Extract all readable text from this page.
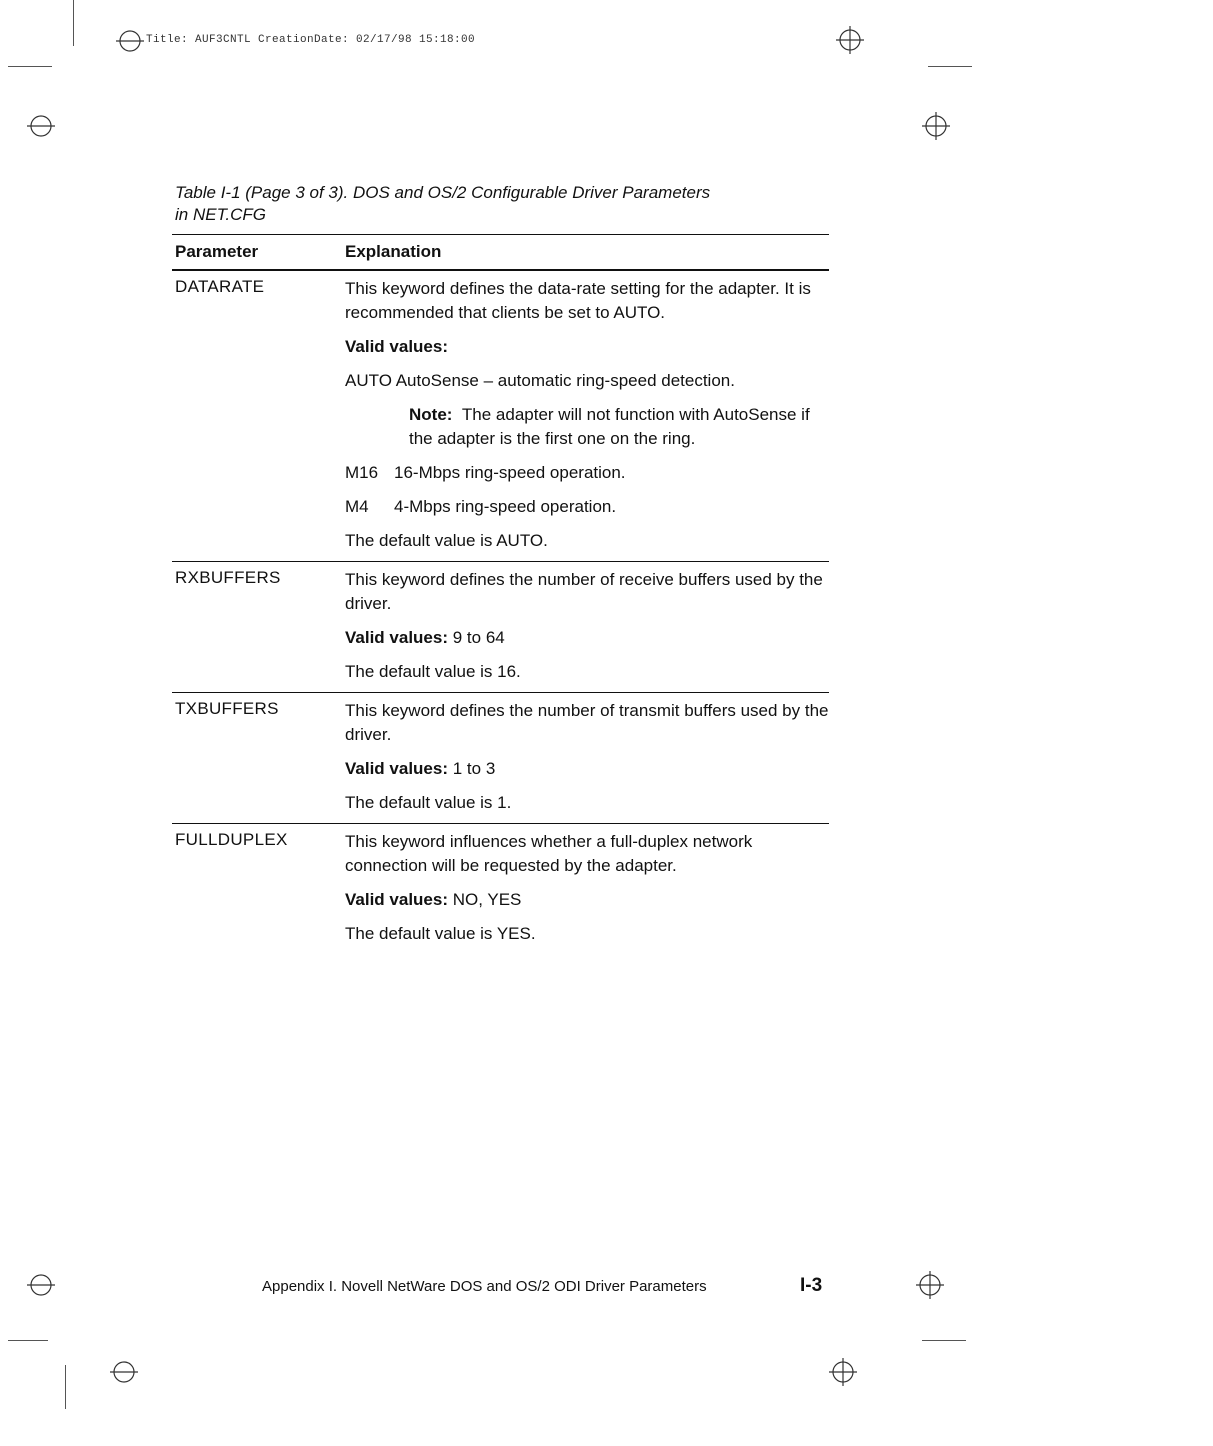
Title: AUF3CNTL CreationDate: 02/17/98 15:18:00
Table I-1 (Page 3 of 3). DOS and OS/2 Configurable Driver Parameters
in NET.CFG
Parameter	Explanation
DATARATE	This keyword defines the data-rate setting for the adapter. It is recommended that clients be set to AUTO.
Valid values:
AUTO AutoSense – automatic ring-speed detection.
Note: The adapter will not function with AutoSense if the adapter is the first one on the ring.
M16 16-Mbps ring-speed operation.
M4	4-Mbps ring-speed operation.
The default value is AUTO.
RXBUFFERS	This keyword defines the number of receive buffers used by the driver.
Valid values: 9 to 64
The default value is 16.
TXBUFFERS	This keyword defines the number of transmit buffers used by the driver.
Valid values: 1 to 3
The default value is 1.
FULLDUPLEX	This keyword influences whether a full-duplex network connection will be requested by the adapter.
Valid values: NO, YES
The default value is YES.
Appendix I. Novell NetWare DOS and OS/2 ODI Driver Parameters	I-3
